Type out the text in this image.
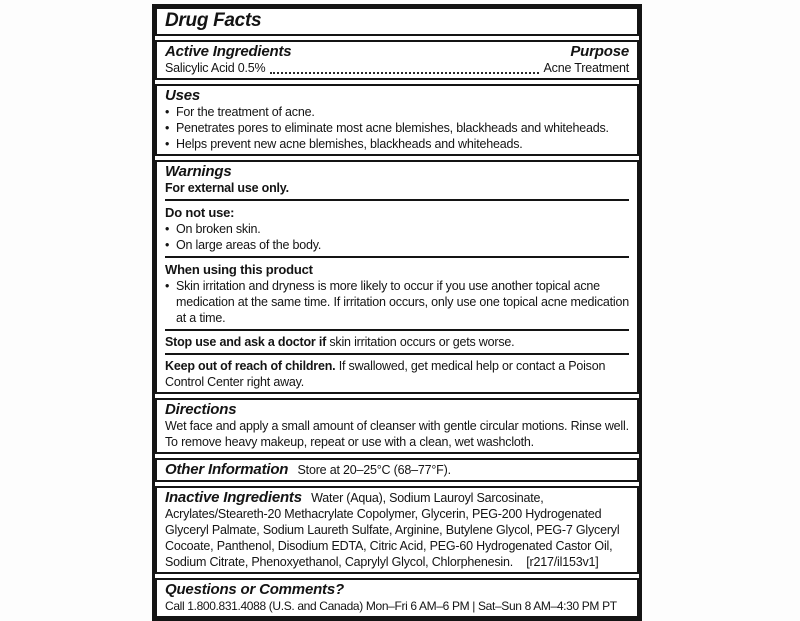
Drug Facts
Active Ingredients	Purpose
Salicylic Acid 0.5%	Acne Treatment
Uses
• For the treatment of acne.
• Penetrates pores to eliminate most acne blemishes, blackheads and whiteheads.
• Helps prevent new acne blemishes, blackheads and whiteheads.
Warnings
For external use only.
Do not use:
• On broken skin.
• On large areas of the body.
When using this product
• Skin irritation and dryness is more likely to occur if you use another topical acne medication at the same time. If irritation occurs, only use one topical acne medication at a time.
Stop use and ask a doctor if skin irritation occurs or gets worse.
Keep out of reach of children. If swallowed, get medical help or contact a Poison Control Center right away.
Directions
Wet face and apply a small amount of cleanser with gentle circular motions. Rinse well.
To remove heavy makeup, repeat or use with a clean, wet washcloth.
Other Information Store at 20–25°C (68–77°F).
Inactive Ingredients Water (Aqua), Sodium Lauroyl Sarcosinate, Acrylates/Steareth-20 Methacrylate Copolymer, Glycerin, PEG-200 Hydrogenated Glyceryl Palmate, Sodium Laureth Sulfate, Arginine, Butylene Glycol, PEG-7 Glyceryl Cocoate, Panthenol, Disodium EDTA, Citric Acid, PEG-60 Hydrogenated Castor Oil, Sodium Citrate, Phenoxyethanol, Caprylyl Glycol, Chlorphenesin. [r217/il153v1]
Questions or Comments?
Call 1.800.831.4088 (U.S. and Canada) Mon–Fri 6 AM–6 PM | Sat–Sun 8 AM–4:30 PM PT
